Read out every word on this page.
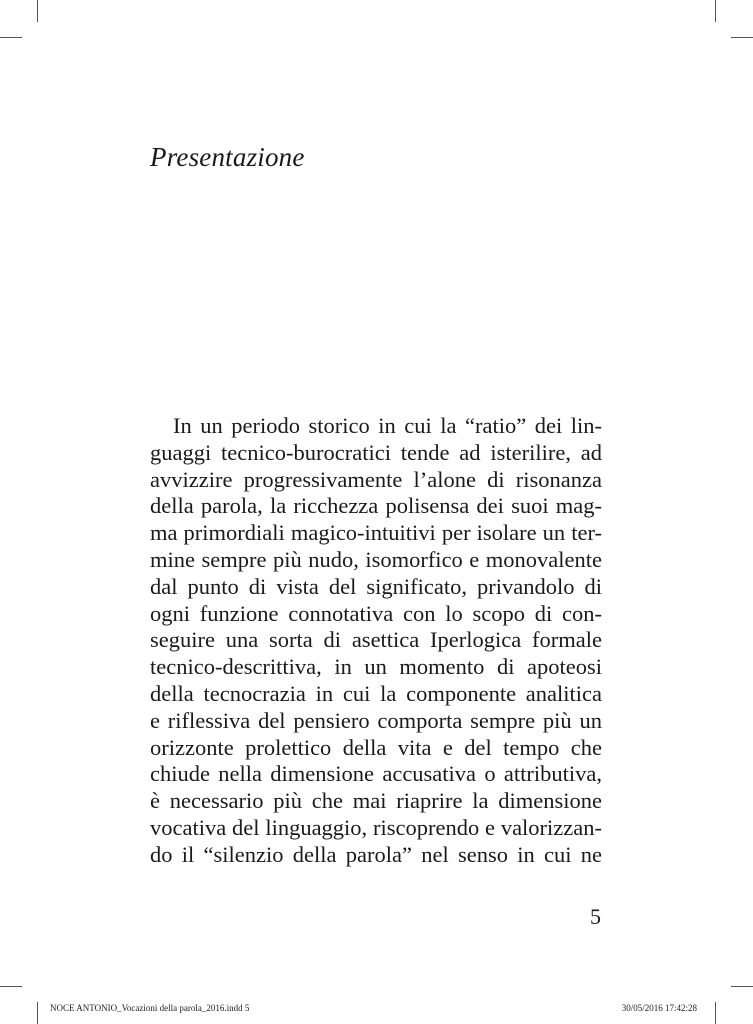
Presentazione
In un periodo storico in cui la “ratio” dei lin-
guaggi tecnico-burocratici tende ad isterilire, ad
avvizzire progressivamente l’alone di risonanza
della parola, la ricchezza polisensa dei suoi mag-
ma primordiali magico-intuitivi per isolare un ter-
mine sempre più nudo, isomorfico e monovalente
dal punto di vista del significato, privandolo di
ogni funzione connotativa con lo scopo di con-
seguire una sorta di asettica Iperlogica formale
tecnico-descrittiva, in un momento di apoteosi
della tecnocrazia in cui la componente analitica
e riflessiva del pensiero comporta sempre più un
orizzonte prolettico della vita e del tempo che
chiude nella dimensione accusativa o attributiva,
è necessario più che mai riaprire la dimensione
vocativa del linguaggio, riscoprendo e valorizzan-
do il “silenzio della parola” nel senso in cui ne
5
NOCE ANTONIO_Vocazioni della parola_2016.indd 5	30/05/2016 17:42:28
